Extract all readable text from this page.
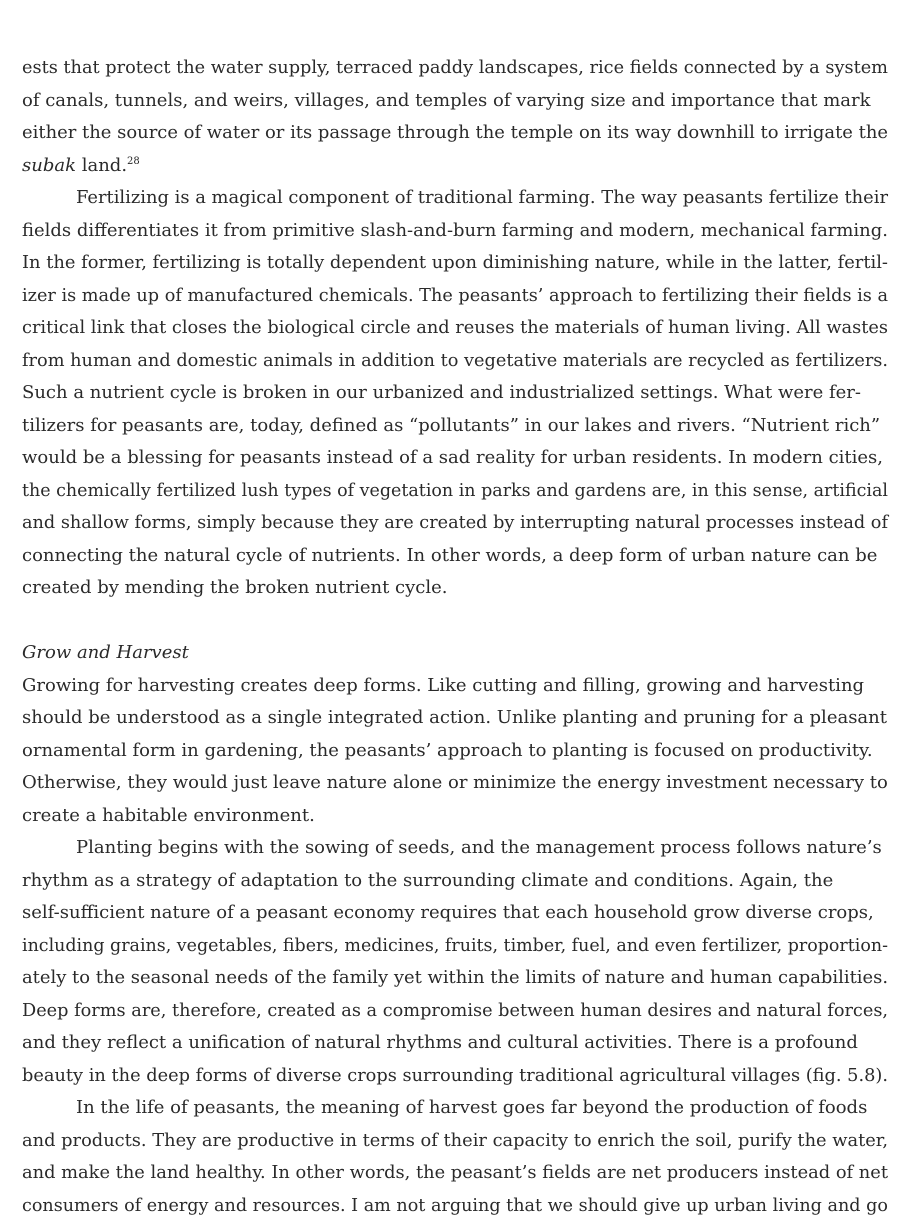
ests that protect the water supply, terraced paddy landscapes, rice fields connected by a system
of canals, tunnels, and weirs, villages, and temples of varying size and importance that mark
either the source of water or its passage through the temple on its way downhill to irrigate the
subak land.$^{28}$
Fertilizing is a magical component of traditional farming. The way peasants fertilize their
fields differentiates it from primitive slash-and-burn farming and modern, mechanical farming.
In the former, fertilizing is totally dependent upon diminishing nature, while in the latter, fertil-
izer is made up of manufactured chemicals. The peasants’ approach to fertilizing their fields is a
critical link that closes the biological circle and reuses the materials of human living. All wastes
from human and domestic animals in addition to vegetative materials are recycled as fertilizers.
Such a nutrient cycle is broken in our urbanized and industrialized settings. What were fer-
tilizers for peasants are, today, defined as “pollutants” in our lakes and rivers. “Nutrient rich”
would be a blessing for peasants instead of a sad reality for urban residents. In modern cities,
the chemically fertilized lush types of vegetation in parks and gardens are, in this sense, artificial
and shallow forms, simply because they are created by interrupting natural processes instead of
connecting the natural cycle of nutrients. In other words, a deep form of urban nature can be
created by mending the broken nutrient cycle.
Grow and Harvest
Growing for harvesting creates deep forms. Like cutting and filling, growing and harvesting
should be understood as a single integrated action. Unlike planting and pruning for a pleasant
ornamental form in gardening, the peasants’ approach to planting is focused on productivity.
Otherwise, they would just leave nature alone or minimize the energy investment necessary to
create a habitable environment.
Planting begins with the sowing of seeds, and the management process follows nature’s
rhythm as a strategy of adaptation to the surrounding climate and conditions. Again, the
self-sufficient nature of a peasant economy requires that each household grow diverse crops,
including grains, vegetables, fibers, medicines, fruits, timber, fuel, and even fertilizer, proportion-
ately to the seasonal needs of the family yet within the limits of nature and human capabilities.
Deep forms are, therefore, created as a compromise between human desires and natural forces,
and they reflect a unification of natural rhythms and cultural activities. There is a profound
beauty in the deep forms of diverse crops surrounding traditional agricultural villages (fig. 5.8).
In the life of peasants, the meaning of harvest goes far beyond the production of foods
and products. They are productive in terms of their capacity to enrich the soil, purify the water,
and make the land healthy. In other words, the peasant’s fields are net producers instead of net
consumers of energy and resources. I am not arguing that we should give up urban living and go
